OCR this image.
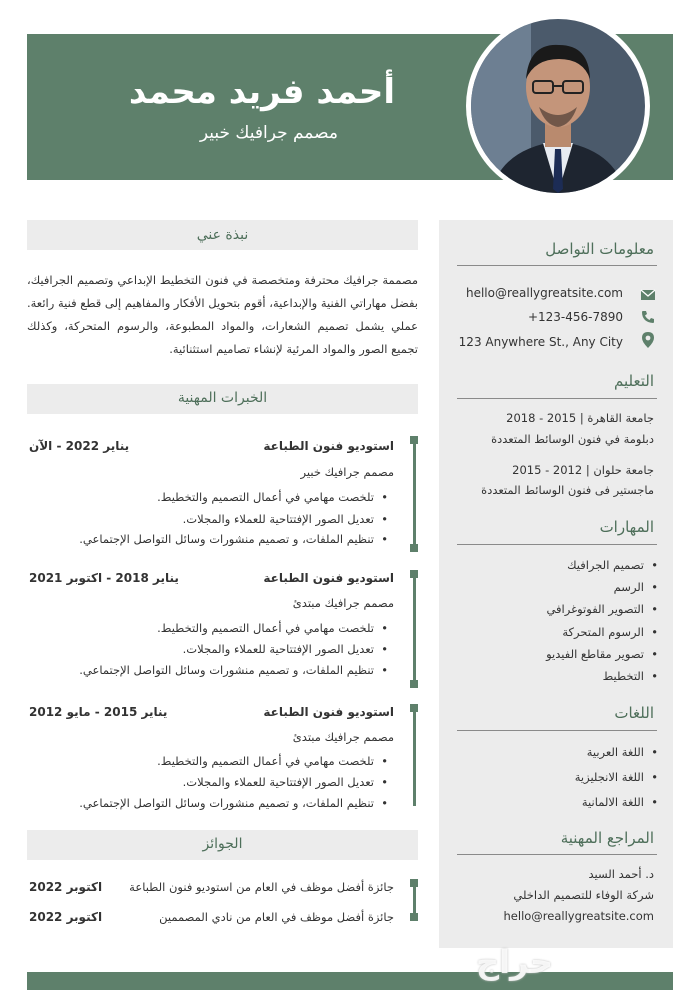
أحمد فريد محمد
مصمم جرافيك خبير
معلومات التواصل
hello@reallygreatsite.com
+123-456-7890
123 Anywhere St., Any City
التعليم
جامعة القاهرة | 2015 - 2018
دبلومة في فنون الوسائط المتعددة
جامعة حلوان | 2012 - 2015
ماجستير فى فنون الوسائط المتعددة
المهارات
• تصميم الجرافيك
• الرسم
• التصوير الفوتوغرافي
• الرسوم المتحركة
• تصوير مقاطع الفيديو
• التخطيط
اللغات
• اللغة العربية
• اللغة الانجليزية
• اللغة الالمانية
المراجع المهنية
د. أحمد السيد
شركة الوفاء للتصميم الداخلي
hello@reallygreatsite.com
نبذة عني
مصممة جرافيك محترفة ومتخصصة في فنون التخطيط الإبداعي وتصميم الجرافيك، بفضل مهاراتي الفنية والإبداعية، أقوم بتحويل الأفكار والمفاهيم إلى قطع فنية رائعة. عملي يشمل تصميم الشعارات، والمواد المطبوعة، والرسوم المتحركة، وكذلك تجميع الصور والمواد المرئية لإنشاء تصاميم استثنائية.
الخبرات المهنية
استوديو فنون الطباعة
يناير 2022 - الآن
مصمم جرافيك خبير
• تلخصت مهامي في أعمال التصميم والتخطيط.
• تعديل الصور الإفتتاحية للعملاء والمجلات.
• تنظيم الملفات، و تصميم منشورات وسائل التواصل الإجتماعي.
استوديو فنون الطباعة
يناير 2018 - اكتوبر 2021
مصمم جرافيك مبتدئ
• تلخصت مهامي في أعمال التصميم والتخطيط.
• تعديل الصور الإفتتاحية للعملاء والمجلات.
• تنظيم الملفات، و تصميم منشورات وسائل التواصل الإجتماعي.
استوديو فنون الطباعة
يناير 2015 - مايو 2012
مصمم جرافيك مبتدئ
• تلخصت مهامي في أعمال التصميم والتخطيط.
• تعديل الصور الإفتتاحية للعملاء والمجلات.
• تنظيم الملفات، و تصميم منشورات وسائل التواصل الإجتماعي.
الجوائز
جائزة أفضل موظف في العام من استوديو فنون الطباعة
اكتوبر 2022
جائزة أفضل موظف في العام من نادي المصممين
اكتوبر 2022
حراج
